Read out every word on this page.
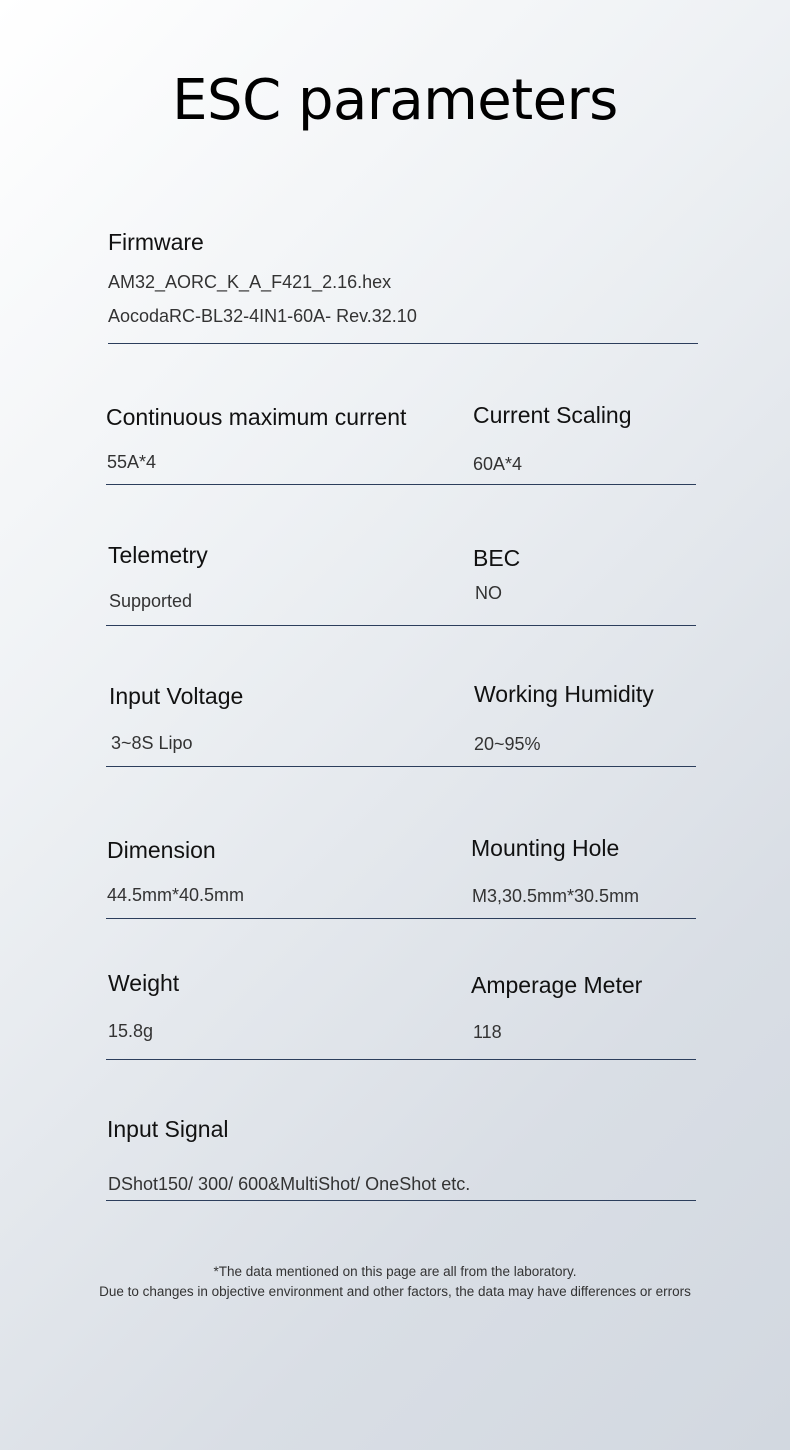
ESC parameters
Firmware
AM32_AORC_K_A_F421_2.16.hex
AocodaRC-BL32-4IN1-60A- Rev.32.10
Continuous maximum current
55A*4
Current Scaling
60A*4
Telemetry
Supported
BEC
NO
Input Voltage
3~8S Lipo
Working Humidity
20~95%
Dimension
44.5mm*40.5mm
Mounting Hole
M3,30.5mm*30.5mm
Weight
15.8g
Amperage Meter
118
Input Signal
DShot150/ 300/ 600&MultiShot/ OneShot etc.
*The data mentioned on this page are all from the laboratory.
Due to changes in objective environment and other factors, the data may have differences or errors
